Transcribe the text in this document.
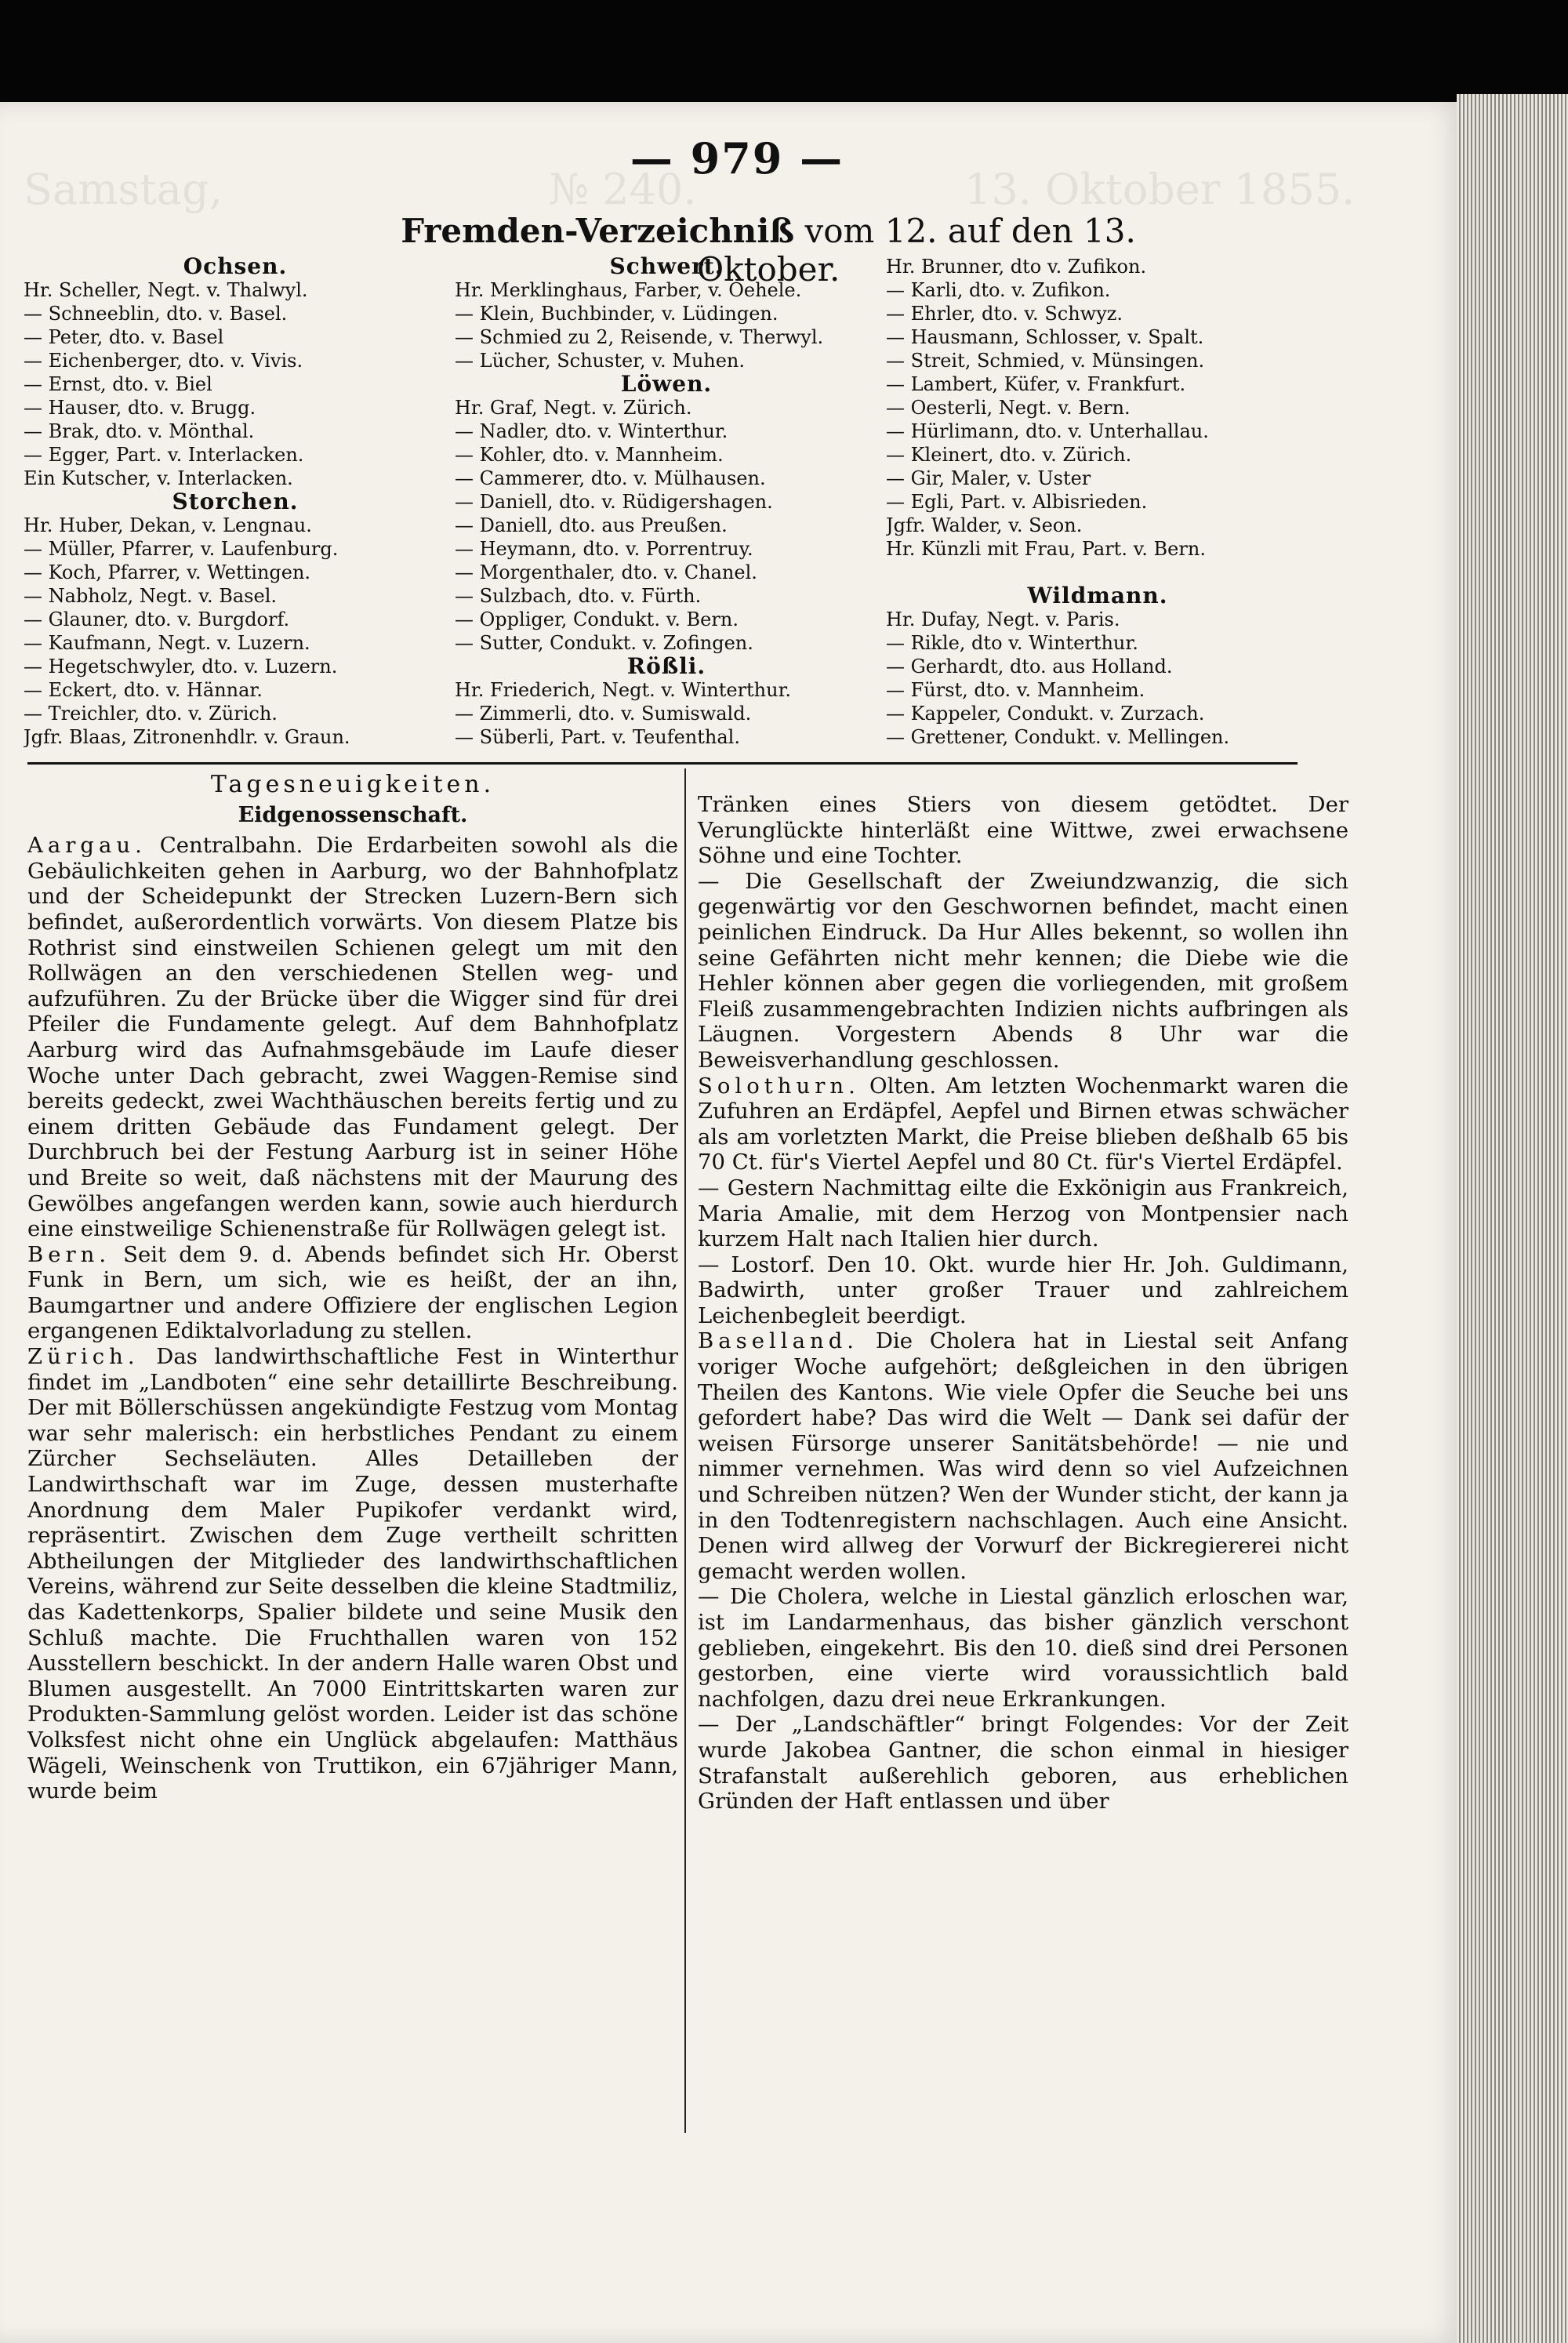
Samstag,	№ 240.	13. Oktober 1855.
— 979 —
Fremden-Verzeichniß vom 12. auf den 13. Oktober.
Ochsen.
Hr. Scheller, Negt. v. Thalwyl.
— Schneeblin, dto. v. Basel.
— Peter, dto. v. Basel
— Eichenberger, dto. v. Vivis.
— Ernst, dto. v. Biel
— Hauser, dto. v. Brugg.
— Brak, dto. v. Mönthal.
— Egger, Part. v. Interlacken.
Ein Kutscher, v. Interlacken.
Storchen.
Hr. Huber, Dekan, v. Lengnau.
— Müller, Pfarrer, v. Laufenburg.
— Koch, Pfarrer, v. Wettingen.
— Nabholz, Negt. v. Basel.
— Glauner, dto. v. Burgdorf.
— Kaufmann, Negt. v. Luzern.
— Hegetschwyler, dto. v. Luzern.
— Eckert, dto. v. Hännar.
— Treichler, dto. v. Zürich.
Jgfr. Blaas, Zitronenhdlr. v. Graun.
Schwert.
Hr. Merklinghaus, Farber, v. Oehele.
— Klein, Buchbinder, v. Lüdingen.
— Schmied zu 2, Reisende, v. Therwyl.
— Lücher, Schuster, v. Muhen.
Löwen.
Hr. Graf, Negt. v. Zürich.
— Nadler, dto. v. Winterthur.
— Kohler, dto. v. Mannheim.
— Cammerer, dto. v. Mülhausen.
— Daniell, dto. v. Rüdigershagen.
— Daniell, dto. aus Preußen.
— Heymann, dto. v. Porrentruy.
— Morgenthaler, dto. v. Chanel.
— Sulzbach, dto. v. Fürth.
— Oppliger, Condukt. v. Bern.
— Sutter, Condukt. v. Zofingen.
Rößli.
Hr. Friederich, Negt. v. Winterthur.
— Zimmerli, dto. v. Sumiswald.
— Süberli, Part. v. Teufenthal.
Hr. Brunner, dto v. Zufikon.
— Karli, dto. v. Zufikon.
— Ehrler, dto. v. Schwyz.
— Hausmann, Schlosser, v. Spalt.
— Streit, Schmied, v. Münsingen.
— Lambert, Küfer, v. Frankfurt.
— Oesterli, Negt. v. Bern.
— Hürlimann, dto. v. Unterhallau.
— Kleinert, dto. v. Zürich.
— Gir, Maler, v. Uster
— Egli, Part. v. Albisrieden.
Jgfr. Walder, v. Seon.
Hr. Künzli mit Frau, Part. v. Bern.
Wildmann.
Hr. Dufay, Negt. v. Paris.
— Rikle, dto v. Winterthur.
— Gerhardt, dto. aus Holland.
— Fürst, dto. v. Mannheim.
— Kappeler, Condukt. v. Zurzach.
— Grettener, Condukt. v. Mellingen.

Tagesneuigkeiten.

Eidgenossenschaft.

Aargau. Centralbahn. Die Erdarbeiten sowohl als die Gebäulichkeiten gehen in Aarburg, wo der Bahnhofplatz und der Scheidepunkt der Strecken Luzern-Bern sich befindet, außerordentlich vorwärts. Von diesem Platze bis Rothrist sind einstweilen Schienen gelegt um mit den Rollwägen an den verschiedenen Stellen weg- und aufzuführen. Zu der Brücke über die Wigger sind für drei Pfeiler die Fundamente gelegt. Auf dem Bahnhofplatz Aarburg wird das Aufnahmsgebäude im Laufe dieser Woche unter Dach gebracht, zwei Waggen-Remise sind bereits gedeckt, zwei Wachthäuschen bereits fertig und zu einem dritten Gebäude das Fundament gelegt. Der Durchbruch bei der Festung Aarburg ist in seiner Höhe und Breite so weit, daß nächstens mit der Maurung des Gewölbes angefangen werden kann, sowie auch hierdurch eine einstweilige Schienenstraße für Rollwägen gelegt ist.

Bern. Seit dem 9. d. Abends befindet sich Hr. Oberst Funk in Bern, um sich, wie es heißt, der an ihn, Baumgartner und andere Offiziere der englischen Legion ergangenen Ediktalvorladung zu stellen.

Zürich. Das landwirthschaftliche Fest in Winterthur findet im „Landboten“ eine sehr detaillirte Beschreibung. Der mit Böllerschüssen angekündigte Festzug vom Montag war sehr malerisch: ein herbstliches Pendant zu einem Zürcher Sechseläuten. Alles Detailleben der Landwirthschaft war im Zuge, dessen musterhafte Anordnung dem Maler Pupikofer verdankt wird, repräsentirt. Zwischen dem Zuge vertheilt schritten Abtheilungen der Mitglieder des landwirthschaftlichen Vereins, während zur Seite desselben die kleine Stadtmiliz, das Kadettenkorps, Spalier bildete und seine Musik den Schluß machte. Die Fruchthallen waren von 152 Ausstellern beschickt. In der andern Halle waren Obst und Blumen ausgestellt. An 7000 Eintrittskarten waren zur Produkten-Sammlung gelöst worden. Leider ist das schöne Volksfest nicht ohne ein Unglück abgelaufen: Matthäus Wägeli, Weinschenk von Truttikon, ein 67jähriger Mann, wurde beim

Tränken eines Stiers von diesem getödtet. Der Verunglückte hinterläßt eine Wittwe, zwei erwachsene Söhne und eine Tochter.

— Die Gesellschaft der Zweiundzwanzig, die sich gegenwärtig vor den Geschwornen befindet, macht einen peinlichen Eindruck. Da Hur Alles bekennt, so wollen ihn seine Gefährten nicht mehr kennen; die Diebe wie die Hehler können aber gegen die vorliegenden, mit großem Fleiß zusammengebrachten Indizien nichts aufbringen als Läugnen. Vorgestern Abends 8 Uhr war die Beweisverhandlung geschlossen.

Solothurn. Olten. Am letzten Wochenmarkt waren die Zufuhren an Erdäpfel, Aepfel und Birnen etwas schwächer als am vorletzten Markt, die Preise blieben deßhalb 65 bis 70 Ct. für's Viertel Aepfel und 80 Ct. für's Viertel Erdäpfel.

— Gestern Nachmittag eilte die Exkönigin aus Frankreich, Maria Amalie, mit dem Herzog von Montpensier nach kurzem Halt nach Italien hier durch.

— Lostorf. Den 10. Okt. wurde hier Hr. Joh. Guldimann, Badwirth, unter großer Trauer und zahlreichem Leichenbegleit beerdigt.

Baselland. Die Cholera hat in Liestal seit Anfang voriger Woche aufgehört; deßgleichen in den übrigen Theilen des Kantons. Wie viele Opfer die Seuche bei uns gefordert habe? Das wird die Welt — Dank sei dafür der weisen Fürsorge unserer Sanitätsbehörde! — nie und nimmer vernehmen. Was wird denn so viel Aufzeichnen und Schreiben nützen? Wen der Wunder sticht, der kann ja in den Todtenregistern nachschlagen. Auch eine Ansicht. Denen wird allweg der Vorwurf der Bickregiererei nicht gemacht werden wollen.

— Die Cholera, welche in Liestal gänzlich erloschen war, ist im Landarmenhaus, das bisher gänzlich verschont geblieben, eingekehrt. Bis den 10. dieß sind drei Personen gestorben, eine vierte wird voraussichtlich bald nachfolgen, dazu drei neue Erkrankungen.

— Der „Landschäftler“ bringt Folgendes: Vor der Zeit wurde Jakobea Gantner, die schon einmal in hiesiger Strafanstalt außerehlich geboren, aus erheblichen Gründen der Haft entlassen und über
